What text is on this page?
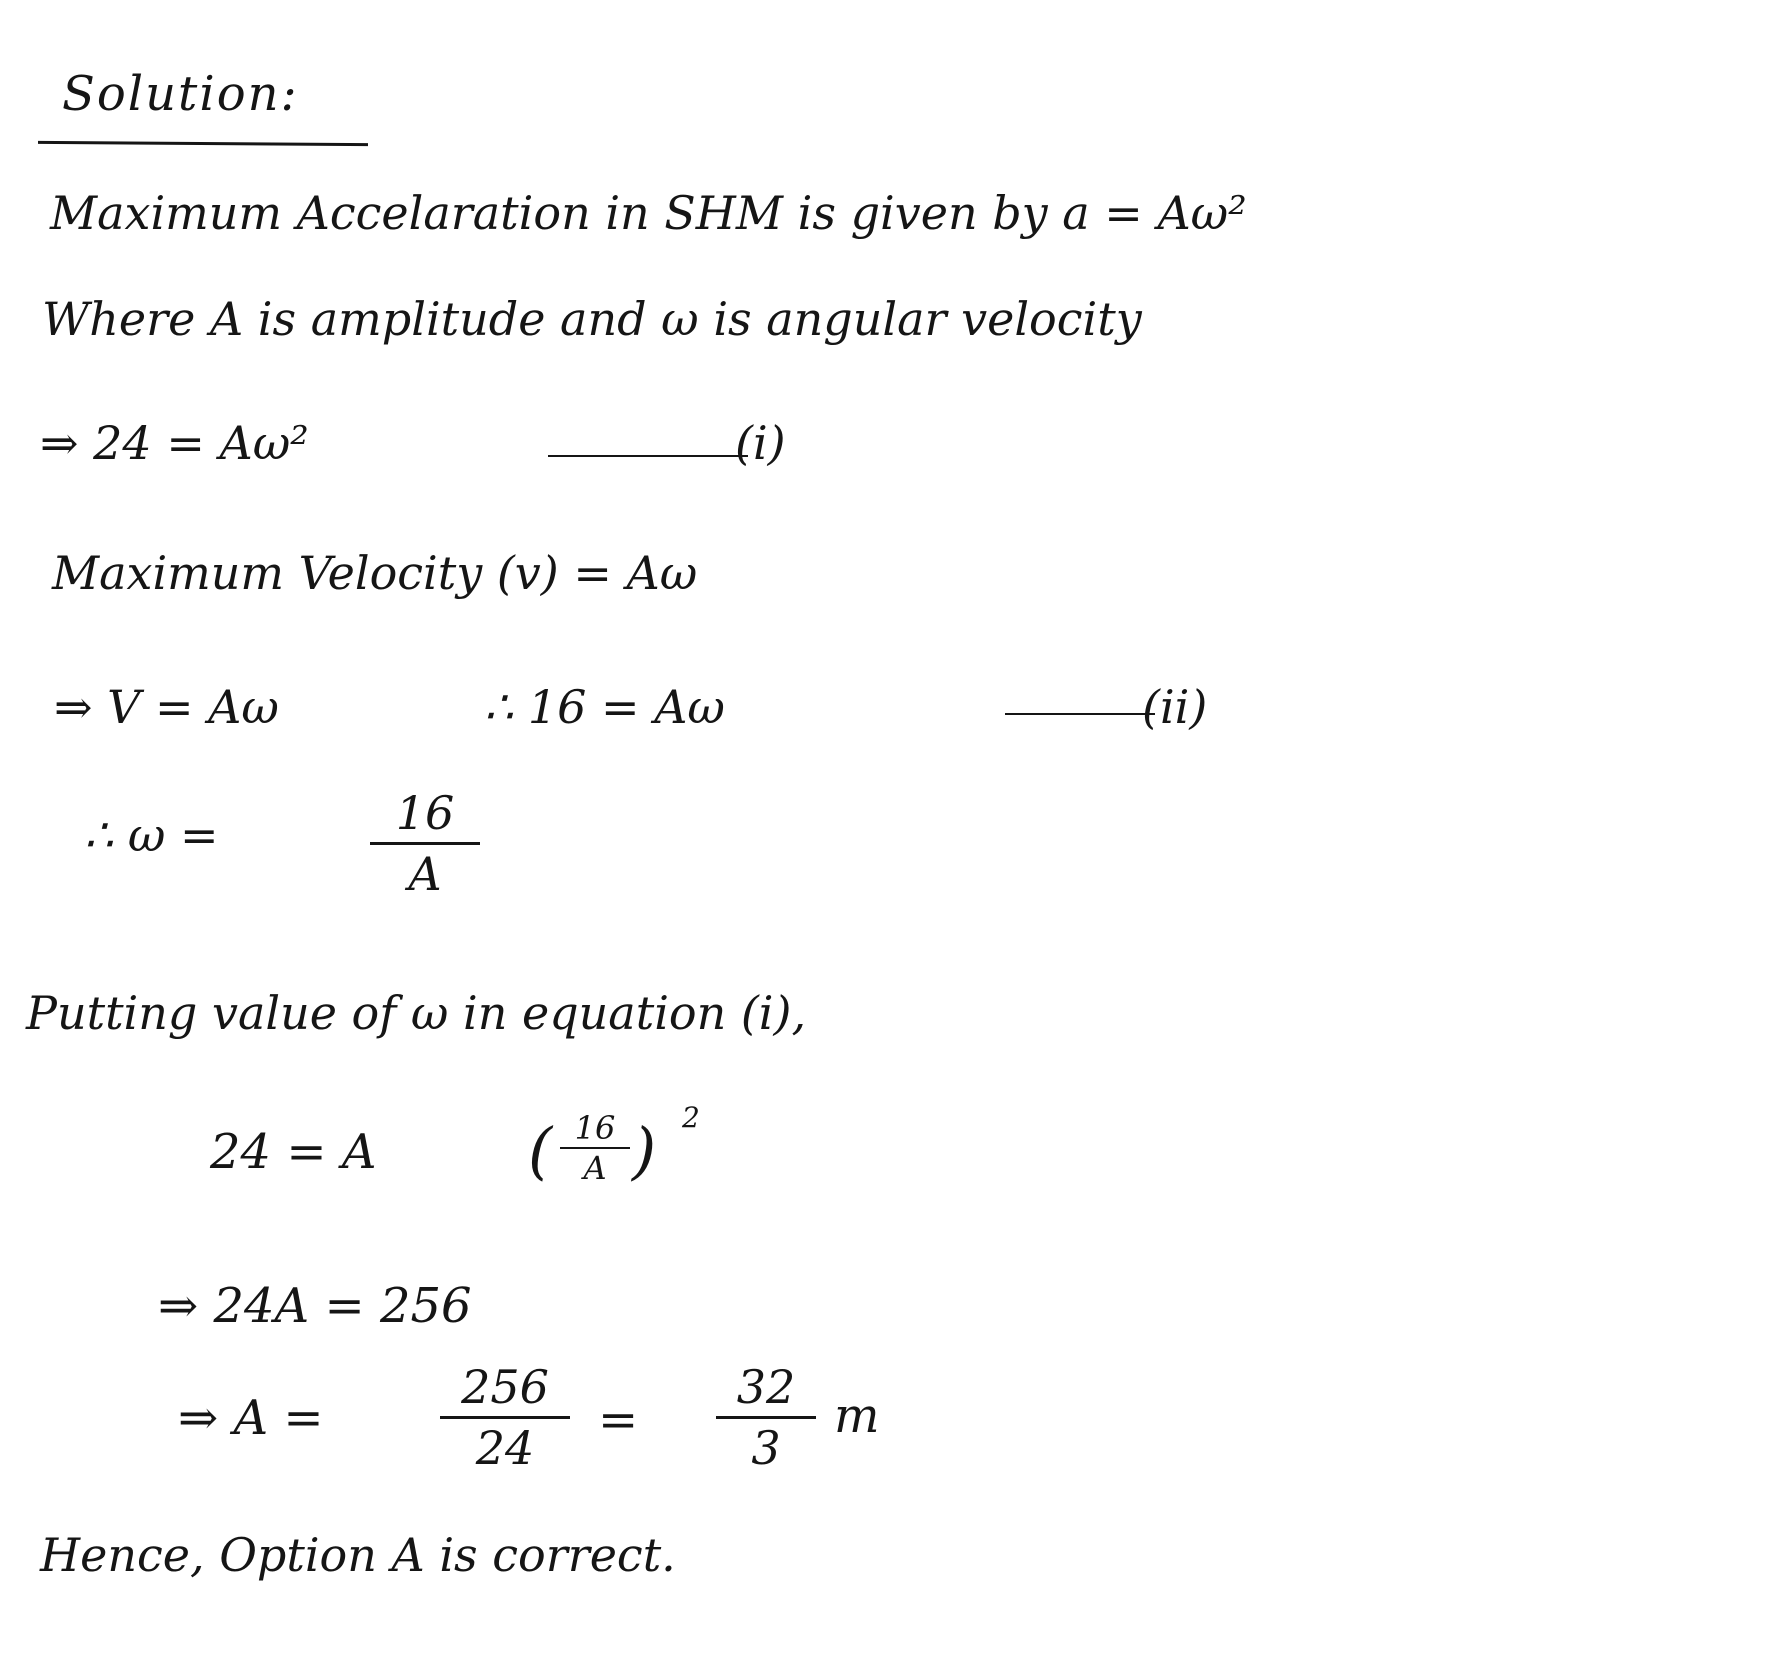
Solution:
Maximum Accelaration in SHM is given by a = Aω²
Where A is amplitude and ω is angular velocity
⇒ 24 = Aω²	(i)
Maximum Velocity (v) = Aω
⇒ V = Aω	∴ 16 = Aω	(ii)
∴ ω =	16
A
Putting value of ω in equation (i),
24 = A ( 16
A ) 2
⇒ 24A = 256
⇒ A =
256
24	=
32
3
m
Hence, Option A is correct.
